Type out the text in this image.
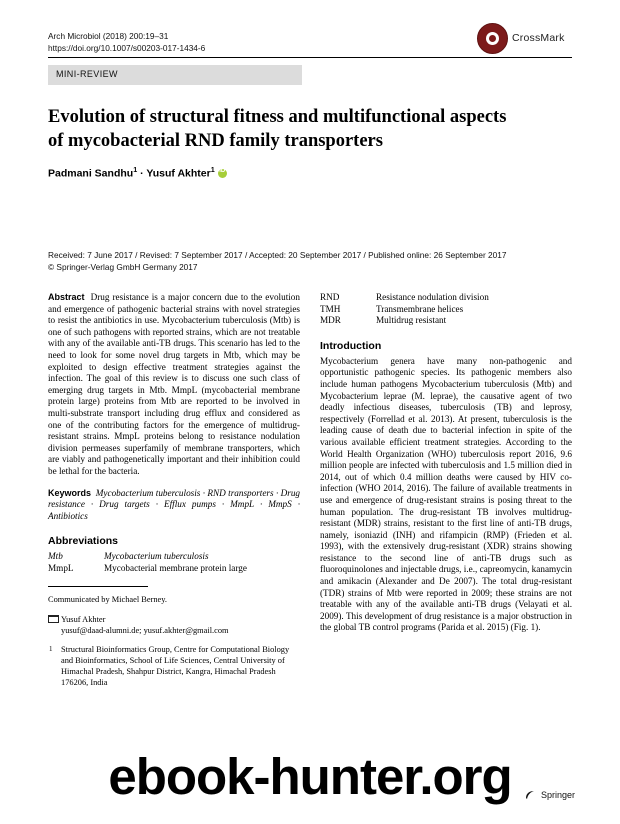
Arch Microbiol (2018) 200:19–31
https://doi.org/10.1007/s00203-017-1434-6
CrossMark
MINI-REVIEW
Evolution of structural fitness and multifunctional aspects of mycobacterial RND family transporters
Padmani Sandhu$^1$ · Yusuf Akhter$^1$iD
Received: 7 June 2017 / Revised: 7 September 2017 / Accepted: 20 September 2017 / Published online: 26 September 2017
© Springer-Verlag GmbH Germany 2017
Abstract Drug resistance is a major concern due to the evolution and emergence of pathogenic bacterial strains with novel strategies to resist the antibiotics in use. Mycobacterium tuberculosis (Mtb) is one of such pathogens with reported strains, which are not treatable with any of the available anti-TB drugs. This scenario has led to the need to look for some novel drug targets in Mtb, which may be exploited to design effective treatment strategies against the infection. The goal of this review is to discuss one such class of emerging drug targets in Mtb. MmpL (mycobacterial membrane protein large) proteins from Mtb are reported to be involved in multi-substrate transport including drug efflux and considered as one of the contributing factors for the emergence of multidrug-resistant strains. MmpL proteins belong to resistance nodulation division permeases superfamily of membrane transporters, which are viably and pathogenetically important and their inhibition could be lethal for the bacteria.
Keywords Mycobacterium tuberculosis · RND transporters · Drug resistance · Drug targets · Efflux pumps · MmpL · MmpS · Antibiotics
Abbreviations
Mtb	Mycobacterium tuberculosis
MmpL	Mycobacterial membrane protein large
Communicated by Michael Berney.
Yusuf Akhter
yusuf@daad-alumni.de; yusuf.akhter@gmail.com
1 Structural Bioinformatics Group, Centre for Computational Biology and Bioinformatics, School of Life Sciences, Central University of Himachal Pradesh, Shahpur District, Kangra, Himachal Pradesh 176206, India
RND	Resistance nodulation division
TMH	Transmembrane helices
MDR	Multidrug resistant
Introduction
Mycobacterium genera have many non-pathogenic and opportunistic pathogenic species. Its pathogenic members also include human pathogens Mycobacterium tuberculosis (Mtb) and Mycobacterium leprae (M. leprae), the causative agent of two deadly infectious diseases, tuberculosis (TB) and leprosy, respectively (Forrellad et al. 2013). At present, tuberculosis is the leading cause of death due to bacterial infection in spite of the various available efficient treatment strategies. According to the World Health Organization (WHO) tuberculosis report 2016, 9.6 million people are infected with tuberculosis and 1.5 million died in 2014, out of which 0.4 million deaths were caused by HIV co-infection (WHO 2014, 2016). The failure of available treatments in use and emergence of drug-resistant strains is posing threat to the human population. The drug-resistant TB involves multidrug-resistant (MDR) strains, resistant to the first line of anti-TB drugs, namely, isoniazid (INH) and rifampicin (RMP) (Frieden et al. 1993), with the extensively drug-resistant (XDR) strains showing resistance to the second line of anti-TB drugs such as fluoroquinolones and injectable drugs, i.e., capreomycin, kanamycin and amikacin (Alexander and De 2007). The total drug-resistant (TDR) strains of Mtb were reported in 2009; these strains are not treatable with any of the available anti-TB drugs (Velayati et al. 2009). This development of drug resistance is a major obstruction in the global TB control programs (Parida et al. 2015) (Fig. 1).
Springer
ebook-hunter.org
